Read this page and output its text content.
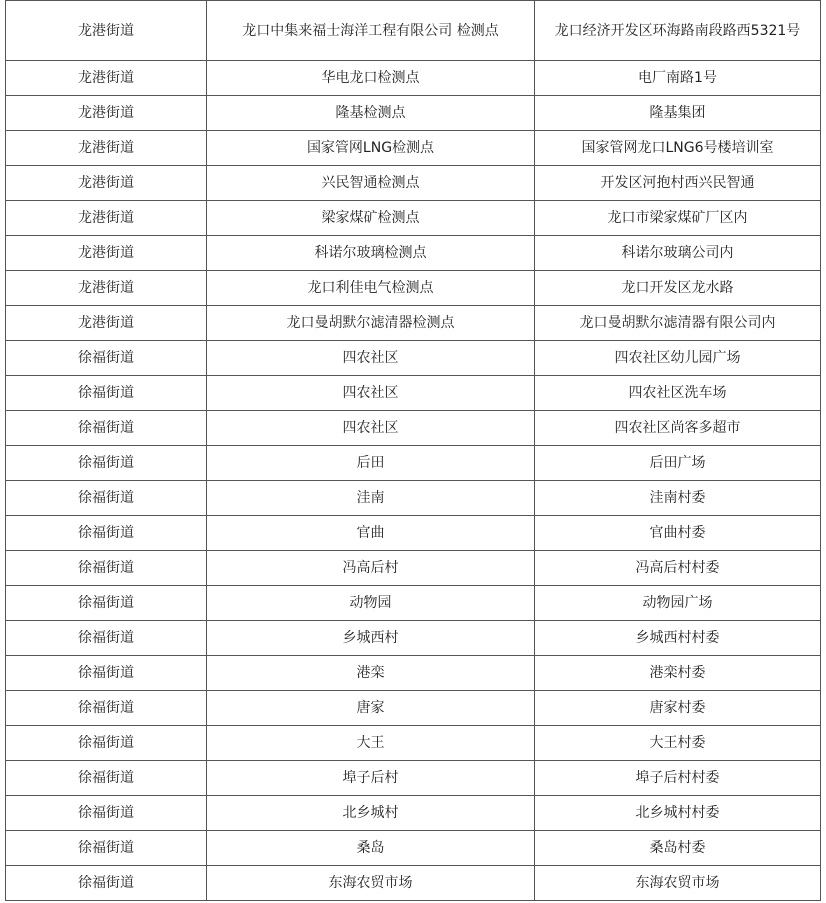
龙港街道	龙口中集来福士海洋工程有限公司 检测点	龙口经济开发区环海路南段路西5321号
龙港街道	华电龙口检测点	电厂南路1号
龙港街道	隆基检测点	隆基集团
龙港街道	国家管网LNG检测点	国家管网龙口LNG6号楼培训室
龙港街道	兴民智通检测点	开发区河抱村西兴民智通
龙港街道	梁家煤矿检测点	龙口市梁家煤矿厂区内
龙港街道	科诺尔玻璃检测点	科诺尔玻璃公司内
龙港街道	龙口利佳电气检测点	龙口开发区龙水路
龙港街道	龙口曼胡默尔滤清器检测点	龙口曼胡默尔滤清器有限公司内
徐福街道	四农社区	四农社区幼儿园广场
徐福街道	四农社区	四农社区洗车场
徐福街道	四农社区	四农社区尚客多超市
徐福街道	后田	后田广场
徐福街道	洼南	洼南村委
徐福街道	官曲	官曲村委
徐福街道	冯高后村	冯高后村村委
徐福街道	动物园	动物园广场
徐福街道	乡城西村	乡城西村村委
徐福街道	港栾	港栾村委
徐福街道	唐家	唐家村委
徐福街道	大王	大王村委
徐福街道	埠子后村	埠子后村村委
徐福街道	北乡城村	北乡城村村委
徐福街道	桑岛	桑岛村委
徐福街道	东海农贸市场	东海农贸市场
